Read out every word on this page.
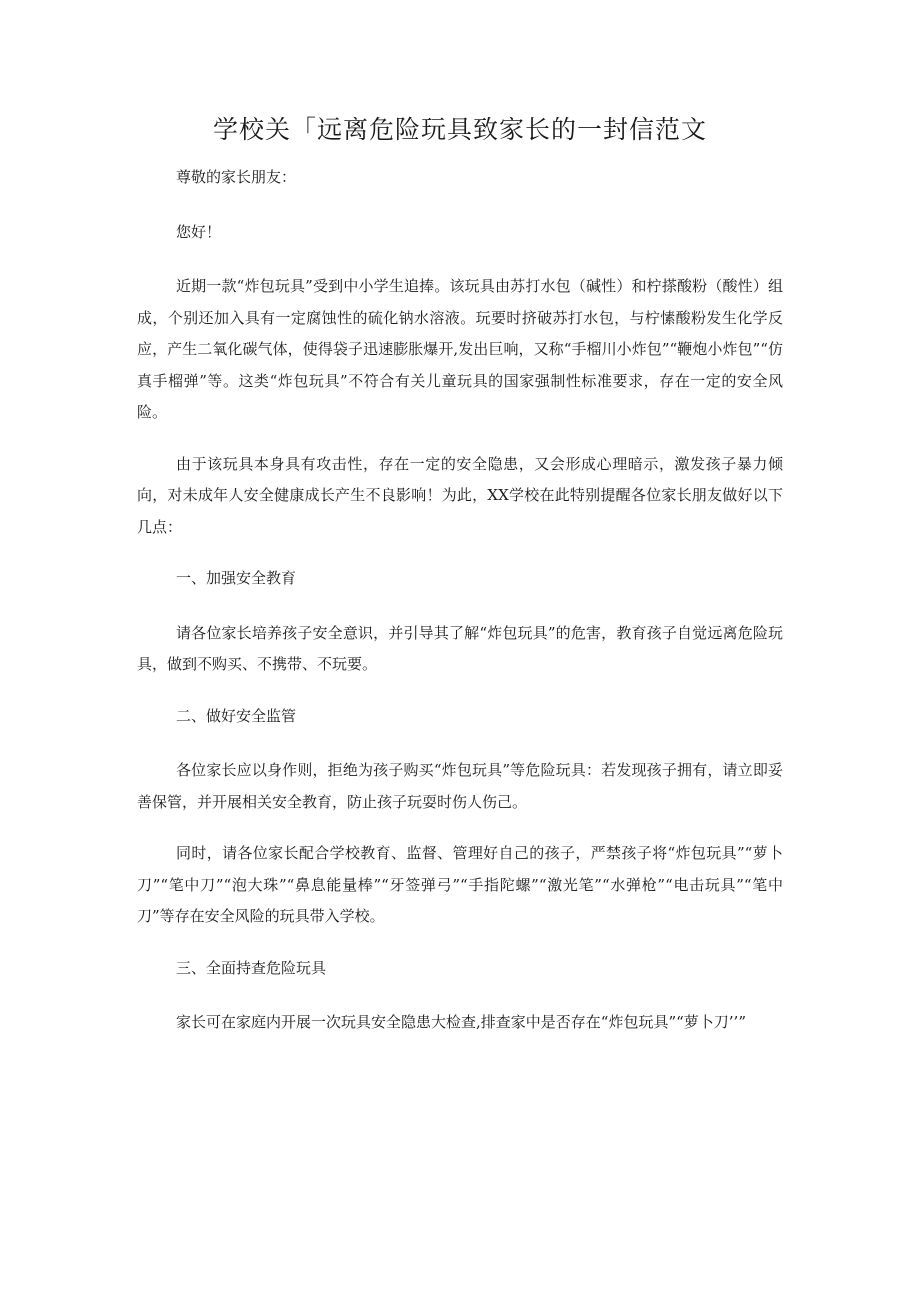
学校关「远离危险玩具致家长的一封信范文

尊敬的家长朋友：

您好！

近期一款“炸包玩具”受到中小学生追捧。该玩具由苏打水包（碱性）和柠搽酸粉（酸性）组成，个别还加入具有一定腐蚀性的硫化钠水溶液。玩要时挤破苏打水包，与柠愫酸粉发生化学反应，产生二氧化碳气体，使得袋子迅速膨胀爆开,发出巨响，又称“手榴川小炸包”“鞭炮小炸包”“仿真手榴弹”等。这类“炸包玩具”不符合有关儿童玩具的国家强制性标准要求，存在一定的安全风险。

由于该玩具本身具有攻击性，存在一定的安全隐患，又会形成心理暗示，激发孩子暴力倾向，对未成年人安全健康成长产生不良影响！为此，XX学校在此特别提醒各位家长朋友做好以下几点：

一、加强安全教育

请各位家长培养孩子安全意识，并引导其了解“炸包玩具”的危害，教育孩子自觉远离危险玩具，做到不购买、不携带、不玩要。

二、做好安全监管

各位家长应以身作则，拒绝为孩子购买“炸包玩具”等危险玩具：若发现孩子拥有，请立即妥善保管，并开展相关安全教育，防止孩子玩耍时伤人伤己。

同时，请各位家长配合学校教育、监督、管理好自己的孩子，严禁孩子将“炸包玩具”“萝卜刀”“笔中刀”“泡大珠”“鼻息能量棒”“牙签弹弓”“手指陀螺”“激光笔”“水弹枪”“电击玩具”“笔中刀”等存在安全风险的玩具带入学校。

三、全面持查危险玩具

家长可在家庭内开展一次玩具安全隐患大检查,排查家中是否存在“炸包玩具”“萝卜刀’’”
